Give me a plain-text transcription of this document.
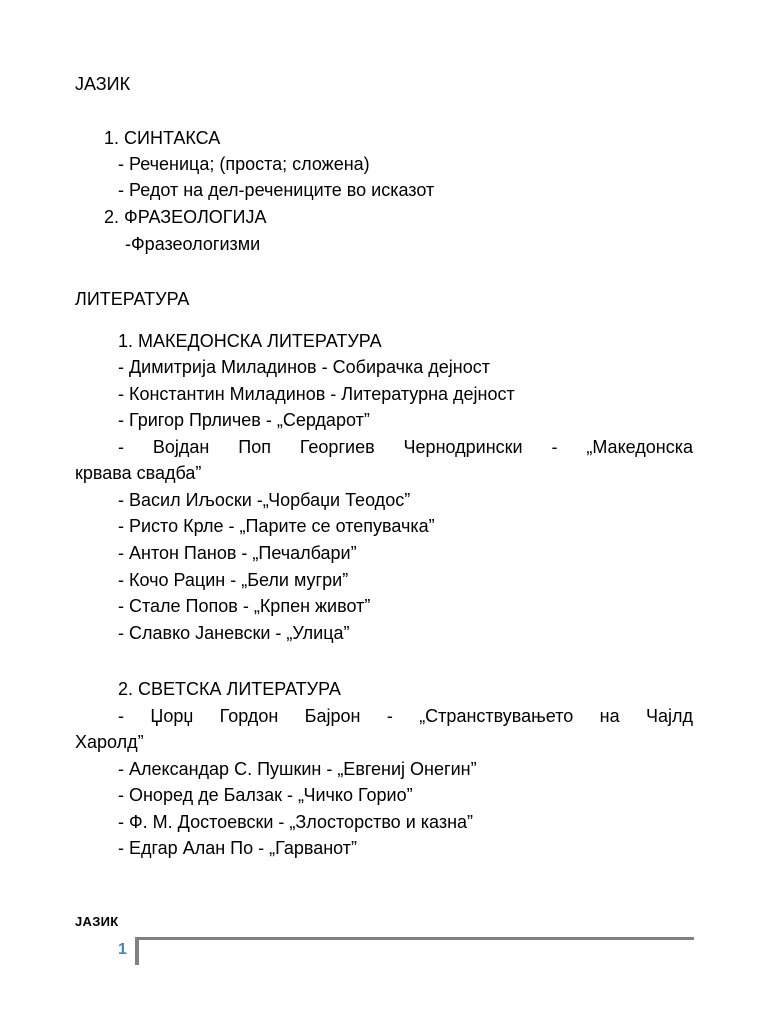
ЈАЗИК
1. СИНТАКСА
- Реченица; (проста; сложена)
- Редот на дел-речениците во исказот
2. ФРАЗЕОЛОГИЈА
-Фразеологизми
ЛИТЕРАТУРА
1. МАКЕДОНСКА ЛИТЕРАТУРА
- Димитрија Миладинов - Собирачка дејност
- Константин Миладинов - Литературна дејност
- Григор Прличев - „Сердарот”
- Војдан Поп Георгиев Чернодрински - „Македонска
крвава свадба”
- Васил Иљоски -„Чорбаџи Теодос”
- Ристо Крле - „Парите се отепувачка”
- Антон Панов - „Печалбари”
- Кочо Рацин - „Бели мугри”
- Стале Попов - „Крпен живот”
- Славко Јаневски - „Улица”
2. СВЕТСКА ЛИТЕРАТУРА
- Џорџ Гордон Бајрон - „Странствувањето на Чајлд
Харолд”
- Александар С. Пушкин - „Евгениј Онегин”
- Оноред де Балзак - „Чичко Горио”
- Ф. М. Достоевски - „Злосторство и казна”
- Едгар Алан По - „Гарванот”
ЈАЗИК
1
